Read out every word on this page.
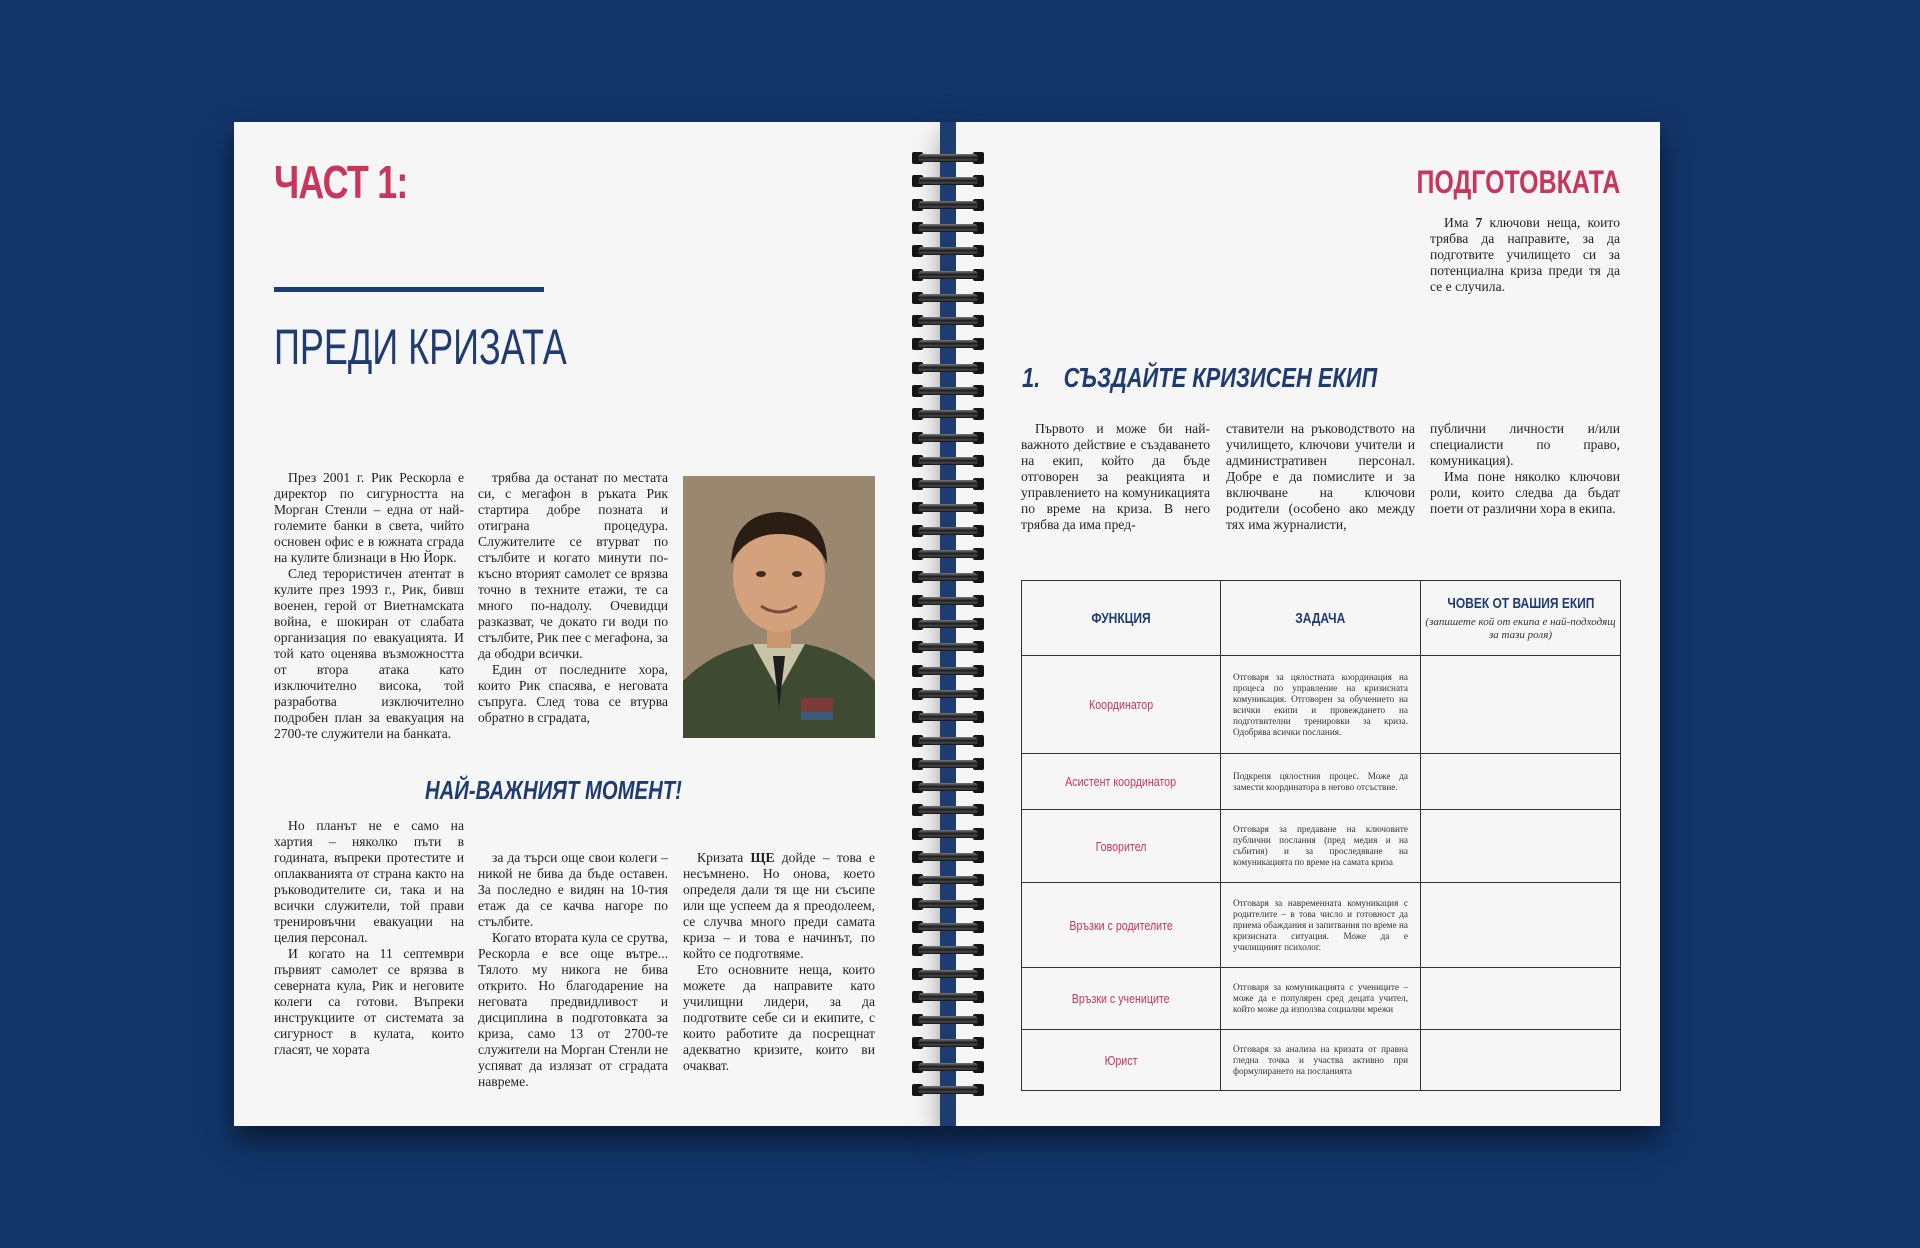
ЧАСТ 1:
ПРЕДИ КРИЗАТА

През 2001 г. Рик Рескорла е директор по сигурността на Морган Стенли – една от най-големите банки в света, чийто основен офис е в южната сграда на кулите близнаци в Ню Йорк.

След терористичен атентат в кулите през 1993 г., Рик, бивш военен, герой от Виетнамската война, е шокиран от слабата организация по евакуацията. И той като оценява възможността от втора атака като изключително висока, той разработва изключително подробен план за евакуация на 2700-те служители на банката.

Но планът не е само на хартия – няколко пъти в годината, въпреки протестите и оплакванията от страна както на ръководителите си, така и на всички служители, той прави тренировъчни евакуации на целия персонал.

И когато на 11 септември първият самолет се врязва в северната кула, Рик и неговите колеги са готови. Въпреки инструкциите от системата за сигурност в кулата, които гласят, че хората

трябва да останат по местата си, с мегафон в ръката Рик стартира добре позната и отиграна процедура. Служителите се втурват по стълбите и когато минути по-късно вторият самолет се врязва точно в техните етажи, те са много по-надолу. Очевидци разказват, че докато ги води по стълбите, Рик пее с мегафона, за да ободри всички.

Един от последните хора, които Рик спасява, е неговата съпруга. След това се втурва обратно в сградата,

за да търси още свои колеги – никой не бива да бъде оставен. За последно е видян на 10-тия етаж да се качва нагоре по стълбите.

Когато втората кула се срутва, Рескорла е все още вътре... Тялото му никога не бива открито. Но благодарение на неговата предвидливост и дисциплина в подготовката за криза, само 13 от 2700-те служители на Морган Стенли не успяват да излязат от сградата навреме.

Кризата ЩЕ дойде – това е несъмнено. Но онова, което определя дали тя ще ни съсипе или ще успеем да я преодолеем, се случва много преди самата криза – и това е начинът, по който се подготвяме.

Ето основните неща, които можете да направите като училищни лидери, за да подготвите себе си и екипите, с които работите да посрещнат адекватно кризите, които ви очакват.

НАЙ-ВАЖНИЯТ МОМЕНТ!
ПОДГОТОВКАТА

Има 7 ключови неща, които трябва да направите, за да подготвите училището си за потенциална криза преди тя да се е случила.

1. СЪЗДАЙТЕ КРИЗИСЕН ЕКИП
Първото и може би най-важното действие е създаването на екип, който да бъде отговорен за реакцията и управлението на комуникацията по време на криза. В него трябва да има пред-
ставители на ръководството на училището, ключови учители и административен персонал. Добре е да помислите и за включване на ключови родители (особено ако между тях има журналисти,
публични личности и/или специалисти по право, комуникация).

Има поне няколко ключови роли, които следва да бъдат поети от различни хора в екипа.

ФУНКЦИЯ	ЗАДАЧА	ЧОВЕК ОТ ВАШИЯ ЕКИП
(запишете кой от екипа е най-подходящ за тази роля)

Координатор	Отговаря за цялостната координация на процеса по управление на кризисната комуникация. Отговорен за обучението на всички екипи и провеждането на подготвителни тренировки за криза. Одобрява всички послания.	
Асистент координатор	Подкрепя цялостния процес. Може да замести координатора в негово отсъствие.	
Говорител	Отговаря за предаване на ключовите публични послания (пред медия и на събития) и за проследяване на комуникацията по време на самата криза	
Връзки с родителите	Отговаря за навременната комуникация с родителите – в това число и готовност да приема обаждания и запитвания по време на кризисната ситуация. Може да е училищният психолог.	
Връзки с учениците	Отговаря за комуникацията с учениците – може да е популярен сред децата учител, който може да използва социални мрежи	
Юрист	Отговаря за анализа на кризата от правна гледна точка и участва активно при формулирането на посланията	
